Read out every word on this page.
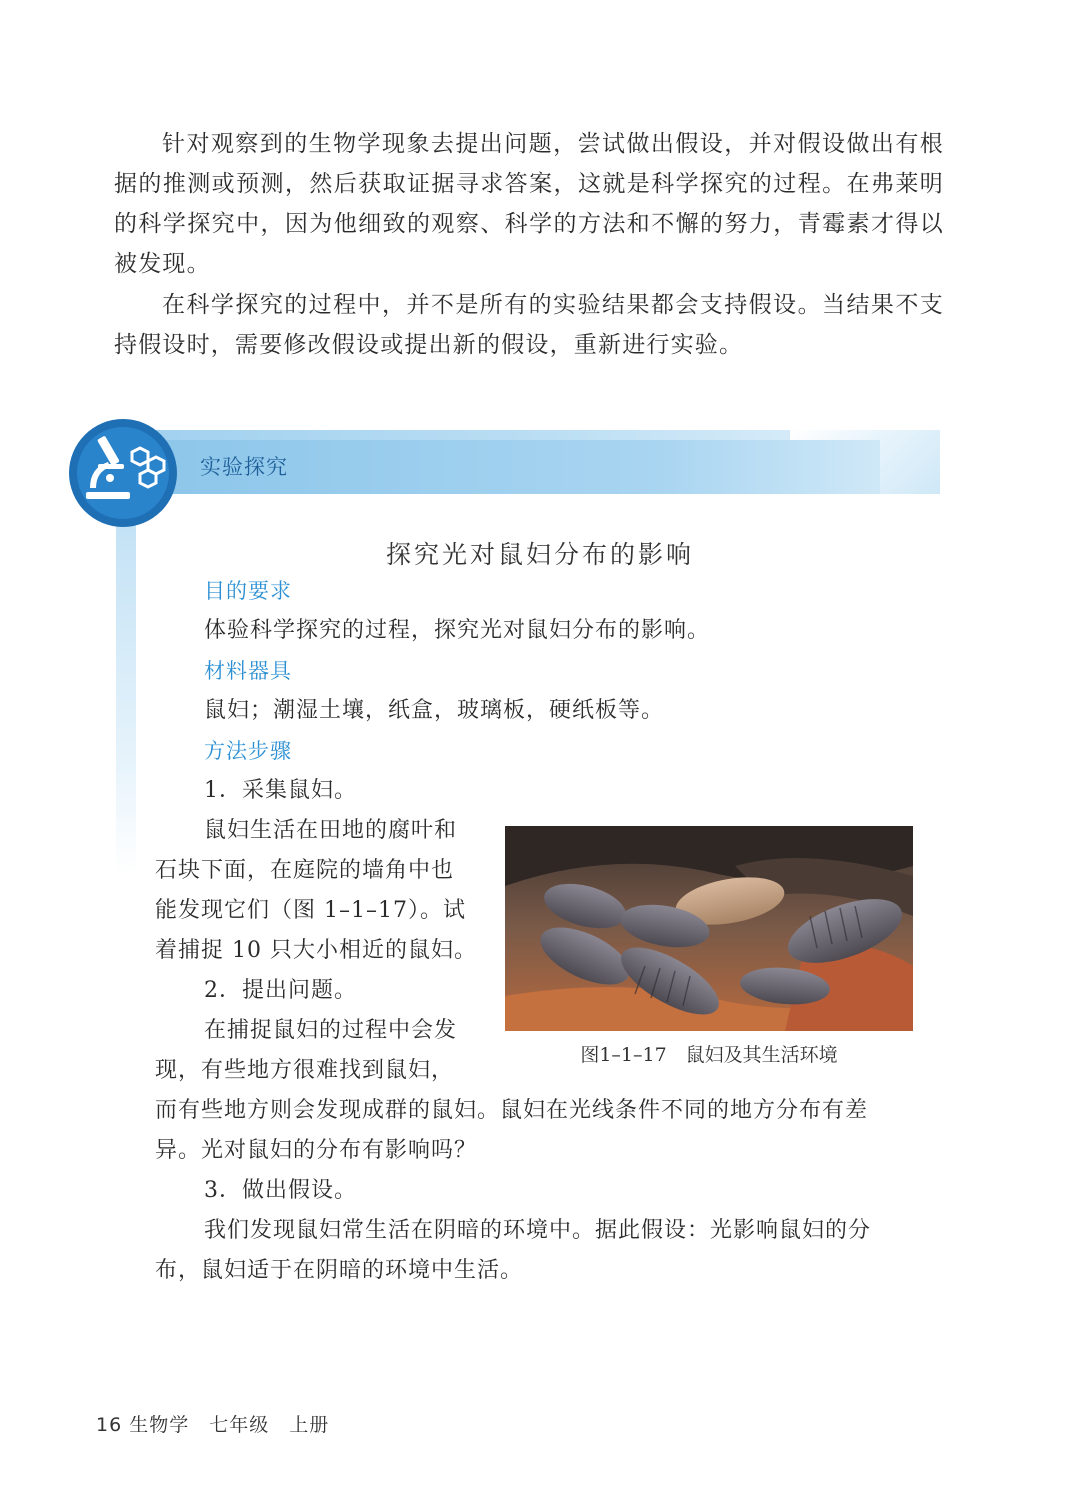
针对观察到的生物学现象去提出问题，尝试做出假设，并对假设做出有根据的推测或预测，然后获取证据寻求答案，这就是科学探究的过程。在弗莱明的科学探究中，因为他细致的观察、科学的方法和不懈的努力，青霉素才得以被发现。
在科学探究的过程中，并不是所有的实验结果都会支持假设。当结果不支持假设时，需要修改假设或提出新的假设，重新进行实验。
实验探究
探究光对鼠妇分布的影响
目的要求
体验科学探究的过程，探究光对鼠妇分布的影响。
材料器具
鼠妇；潮湿土壤，纸盒，玻璃板，硬纸板等。
方法步骤
1．采集鼠妇。
鼠妇生活在田地的腐叶和
石块下面，在庭院的墙角中也
能发现它们（图 1–1–17）。试
着捕捉 10 只大小相近的鼠妇。
2．提出问题。
在捕捉鼠妇的过程中会发
现，有些地方很难找到鼠妇，
而有些地方则会发现成群的鼠妇。鼠妇在光线条件不同的地方分布有差
异。光对鼠妇的分布有影响吗？
3．做出假设。
我们发现鼠妇常生活在阴暗的环境中。据此假设：光影响鼠妇的分
布，鼠妇适于在阴暗的环境中生活。
图1–1–17　鼠妇及其生活环境
16 生物学　七年级　上册
